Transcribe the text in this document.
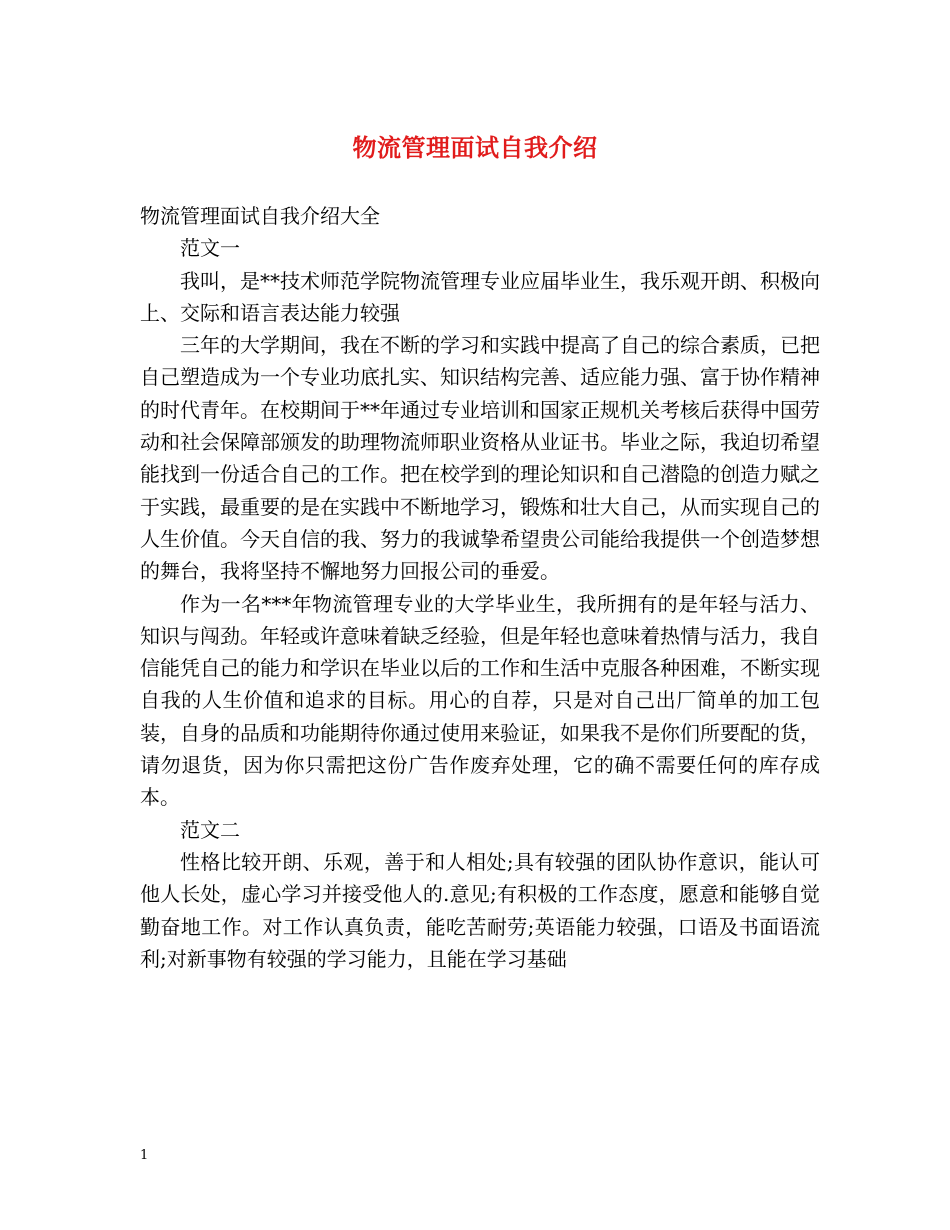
物流管理面试自我介绍

物流管理面试自我介绍大全

范文一

我叫，是**技术师范学院物流管理专业应届毕业生，我乐观开朗、积极向上、交际和语言表达能力较强

三年的大学期间，我在不断的学习和实践中提高了自己的综合素质，已把自己塑造成为一个专业功底扎实、知识结构完善、适应能力强、富于协作精神的时代青年。在校期间于**年通过专业培训和国家正规机关考核后获得中国劳动和社会保障部颁发的助理物流师职业资格从业证书。毕业之际，我迫切希望能找到一份适合自己的工作。把在校学到的理论知识和自己潜隐的创造力赋之于实践，最重要的是在实践中不断地学习，锻炼和壮大自己，从而实现自己的人生价值。今天自信的我、努力的我诚挚希望贵公司能给我提供一个创造梦想的舞台，我将坚持不懈地努力回报公司的垂爱。

作为一名***年物流管理专业的大学毕业生，我所拥有的是年轻与活力、知识与闯劲。年轻或许意味着缺乏经验，但是年轻也意味着热情与活力，我自信能凭自己的能力和学识在毕业以后的工作和生活中克服各种困难，不断实现自我的人生价值和追求的目标。用心的自荐，只是对自己出厂简单的加工包装，自身的品质和功能期待你通过使用来验证，如果我不是你们所要配的货，请勿退货，因为你只需把这份广告作废弃处理，它的确不需要任何的库存成本。

范文二

性格比较开朗、乐观，善于和人相处;具有较强的团队协作意识，能认可他人长处，虚心学习并接受他人的.意见;有积极的工作态度，愿意和能够自觉勤奋地工作。对工作认真负责，能吃苦耐劳;英语能力较强，口语及书面语流利;对新事物有较强的学习能力，且能在学习基础

1
